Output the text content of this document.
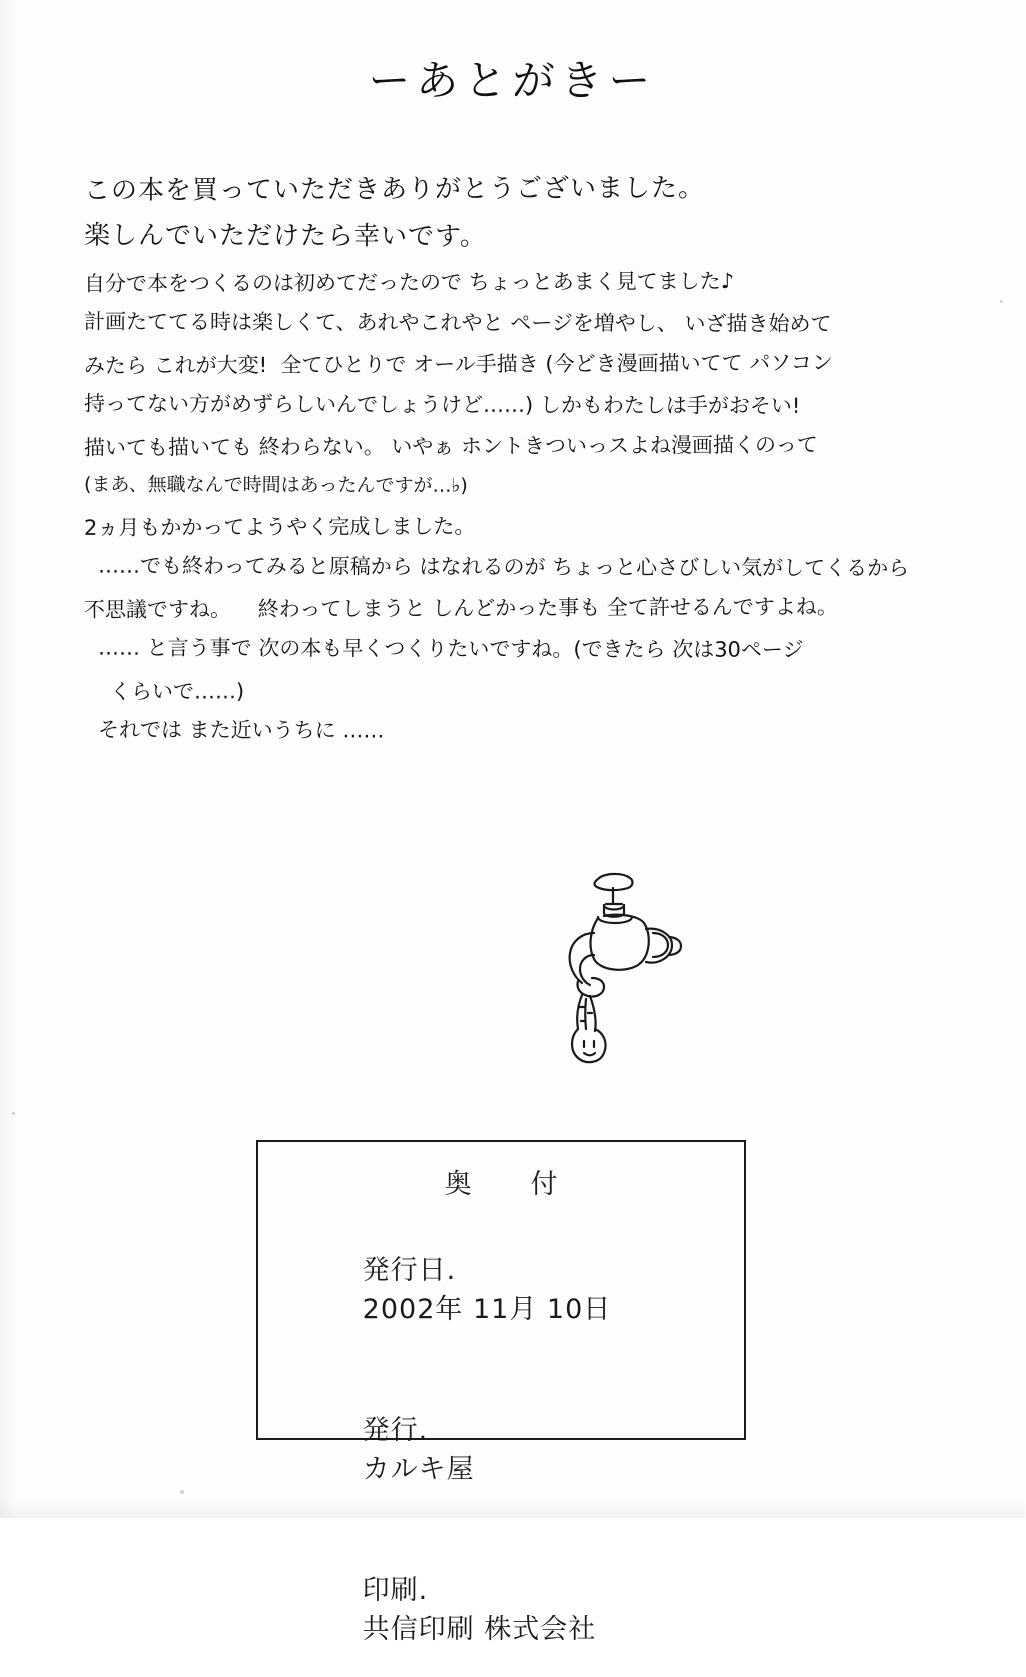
ーあとがきー
この本を買っていただきありがとうございました。
楽しんでいただけたら幸いです。
自分で本をつくるのは初めてだったので ちょっとあまく見てました♪
計画たててる時は楽しくて、あれやこれやと ページを増やし、 いざ描き始めて
みたら これが大変!  全てひとりで オール手描き (今どき漫画描いてて パソコン
持ってない方がめずらしいんでしょうけど……) しかもわたしは手がおそい!
描いても描いても 終わらない。 いやぁ ホントきついっスよね漫画描くのって
(まあ、無職なんで時間はあったんですが…♭)
2ヵ月もかかってようやく完成しました。
……でも終わってみると原稿から はなれるのが ちょっと心さびしい気がしてくるから
不思議ですね。    終わってしまうと しんどかった事も 全て許せるんですよね。
…… と言う事で 次の本も早くつくりたいですね。(できたら 次は30ページ
くらいで……)
それでは また近いうちに ……
奥　付

発行日.
2002年 11月 10日

発行.
カルキ屋

印刷.
共信印刷 株式会社
